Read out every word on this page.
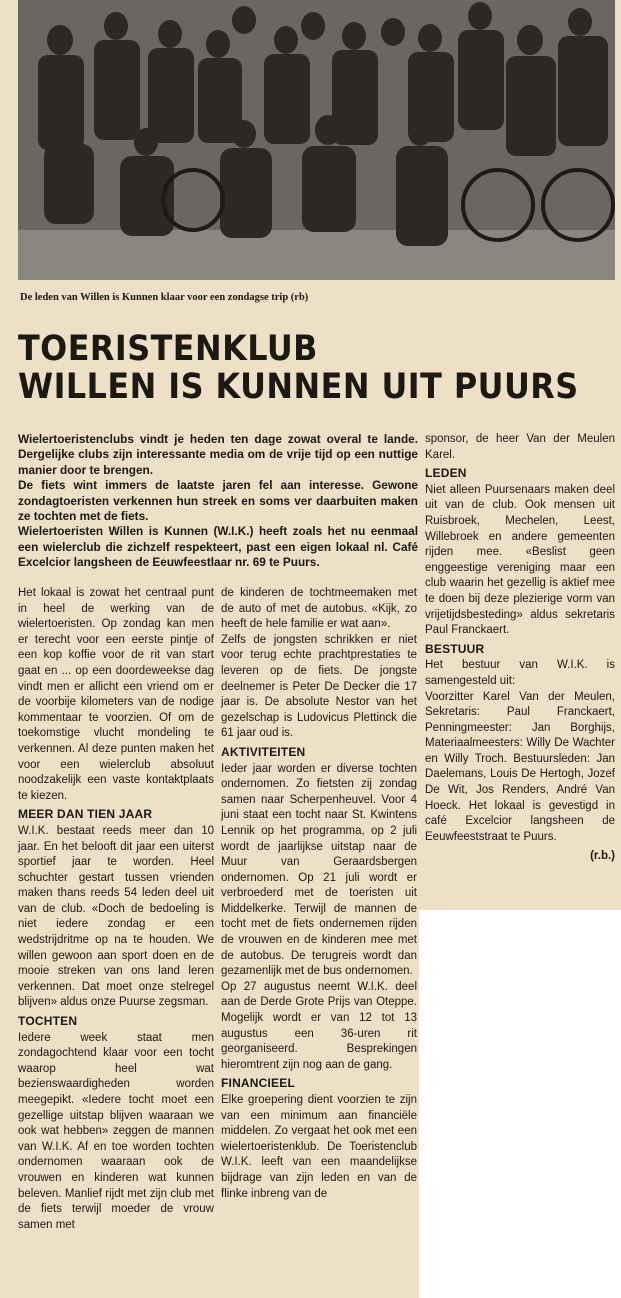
De leden van Willen is Kunnen klaar voor een zondagse trip (rb)
TOERISTENKLUB
WILLEN IS KUNNEN UIT PUURS

Wielertoeristenclubs vindt je heden ten dage zowat overal te lande. Dergelijke clubs zijn interessante media om de vrije tijd op een nuttige manier door te brengen.

De fiets wint immers de laatste jaren fel aan interesse. Gewone zondagtoeristen verkennen hun streek en soms ver daarbuiten maken ze tochten met de fiets.

Wielertoeristen Willen is Kunnen (W.I.K.) heeft zoals het nu eenmaal een wielerclub die zichzelf respekteert, past een eigen lokaal nl. Café Excelcior langsheen de Eeuwfeestlaar nr. 69 te Puurs.

Het lokaal is zowat het centraal punt in heel de werking van de wielertoeristen. Op zondag kan men er terecht voor een eerste pintje of een kop koffie voor de rit van start gaat en ... op een doordeweekse dag vindt men er allicht een vriend om er de voorbije kilometers van de nodige kommentaar te voorzien. Of om de toekomstige vlucht mondeling te verkennen. Al deze punten maken het voor een wielerclub absoluut noodzakelijk een vaste kontaktplaats te kiezen.

MEER DAN TIEN JAAR

W.I.K. bestaat reeds meer dan 10 jaar. En het belooft dit jaar een uiterst sportief jaar te worden. Heel schuchter gestart tussen vrienden maken thans reeds 54 leden deel uit van de club. «Doch de bedoeling is niet iedere zondag er een wedstrijdritme op na te houden. We willen gewoon aan sport doen en de mooie streken van ons land leren verkennen. Dat moet onze stelregel blijven» aldus onze Puurse zegsman.

TOCHTEN

Iedere week staat men zondagochtend klaar voor een tocht waarop heel wat bezienswaardigheden worden meegepikt. «Iedere tocht moet een gezellige uitstap blijven waaraan we ook wat hebben» zeggen de mannen van W.I.K. Af en toe worden tochten ondernomen waaraan ook de vrouwen en kinderen wat kunnen beleven. Manlief rijdt met zijn club met de fiets terwijl moeder de vrouw samen met

de kinderen de tochtmeemaken met de auto of met de autobus. «Kijk, zo heeft de hele familie er wat aan».

Zelfs de jongsten schrikken er niet voor terug echte prachtprestaties te leveren op de fiets. De jongste deelnemer is Peter De Decker die 17 jaar is. De absolute Nestor van het gezelschap is Ludovicus Plettinck die 61 jaar oud is.

AKTIVITEITEN

Ieder jaar worden er diverse tochten ondernomen. Zo fietsten zij zondag samen naar Scherpenheuvel. Voor 4 juni staat een tocht naar St. Kwintens Lennik op het programma, op 2 juli wordt de jaarlijkse uitstap naar de Muur van Geraardsbergen ondernomen. Op 21 juli wordt er verbroederd met de toeristen uit Middelkerke. Terwijl de mannen de tocht met de fiets ondernemen rijden de vrouwen en de kinderen mee met de autobus. De terugreis wordt dan gezamenlijk met de bus ondernomen.

Op 27 augustus neemt W.I.K. deel aan de Derde Grote Prijs van Oteppe. Mogelijk wordt er van 12 tot 13 augustus een 36-uren rit georganiseerd. Besprekingen hieromtrent zijn nog aan de gang.

FINANCIEEL

Elke groepering dient voorzien te zijn van een minimum aan financiële middelen. Zo vergaat het ook met een wielertoeristenklub. De Toeristenclub W.I.K. leeft van een maandelijkse bijdrage van zijn leden en van de flinke inbreng van de

sponsor, de heer Van der Meulen Karel.

LEDEN

Niet alleen Puursenaars maken deel uit van de club. Ook mensen uit Ruisbroek, Mechelen, Leest, Willebroek en andere gemeenten rijden mee. «Beslist geen enggeestige vereniging maar een club waarin het gezellig is aktief mee te doen bij deze plezierige vorm van vrijetijdsbesteding» aldus sekretaris Paul Franckaert.

BESTUUR

Het bestuur van W.I.K. is samengesteld uit:

Voorzitter Karel Van der Meulen, Sekretaris: Paul Franckaert, Penningmeester: Jan Borghijs, Materiaalmeesters: Willy De Wachter en Willy Troch. Bestuursleden: Jan Daelemans, Louis De Hertogh, Jozef De Wit, Jos Renders, André Van Hoeck. Het lokaal is gevestigd in café Excelcior langsheen de Eeuwfeeststraat te Puurs.

(r.b.)
